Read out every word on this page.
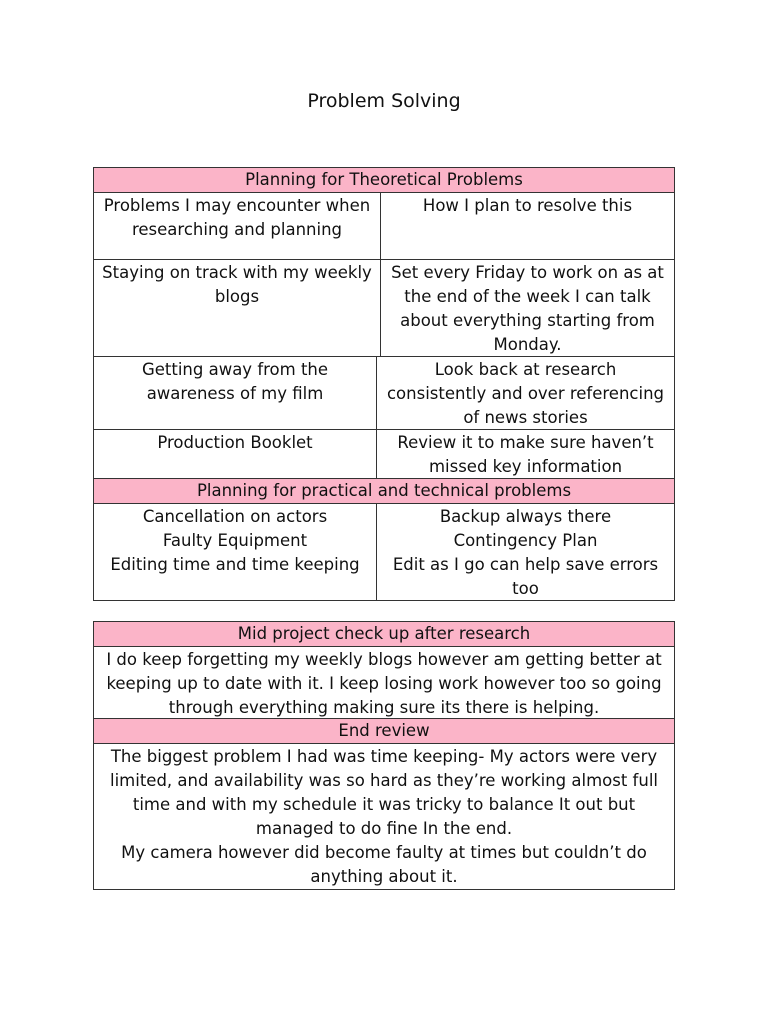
Problem Solving
Planning for Theoretical Problems
Problems I may encounter when
researching and planning
How I plan to resolve this
Staying on track with my weekly
blogs
Set every Friday to work on as at
the end of the week I can talk
about everything starting from
Monday.
Getting away from the
awareness of my film
Look back at research
consistently and over referencing
of news stories
Production Booklet	Review it to make sure haven’t
missed key information
Planning for practical and technical problems
Cancellation on actors
Faulty Equipment
Editing time and time keeping
Backup always there
Contingency Plan
Edit as I go can help save errors
too
Mid project check up after research
I do keep forgetting my weekly blogs however am getting better at
keeping up to date with it. I keep losing work however too so going
through everything making sure its there is helping.
End review
The biggest problem I had was time keeping- My actors were very
limited, and availability was so hard as they’re working almost full
time and with my schedule it was tricky to balance It out but
managed to do fine In the end.
My camera however did become faulty at times but couldn’t do
anything about it.
